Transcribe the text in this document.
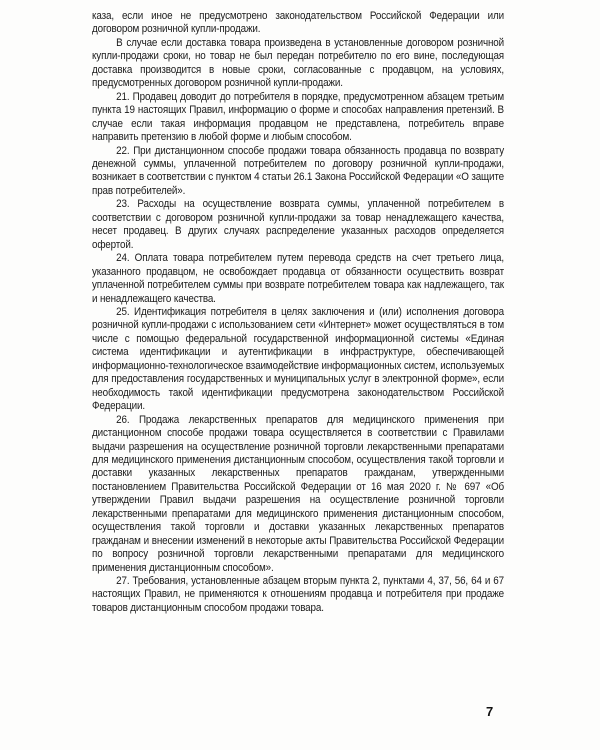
каза, если иное не предусмотрено законодательством Российской Федерации или договором розничной купли-продажи.

В случае если доставка товара произведена в установленные договором розничной купли-продажи сроки, но товар не был передан потребителю по его вине, последующая доставка производится в новые сроки, согласованные с продавцом, на условиях, предусмотренных договором розничной купли-продажи.

21. Продавец доводит до потребителя в порядке, предусмотренном абзацем третьим пункта 19 настоящих Правил, информацию о форме и способах направления претензий. В случае если такая информация продавцом не представлена, потребитель вправе направить претензию в любой форме и любым способом.

22. При дистанционном способе продажи товара обязанность продавца по возврату денежной суммы, уплаченной потребителем по договору розничной купли-продажи, возникает в соответствии с пунктом 4 статьи 26.1 Закона Российской Федерации «О защите прав потребителей».

23. Расходы на осуществление возврата суммы, уплаченной потребителем в соответствии с договором розничной купли-продажи за товар ненадлежащего качества, несет продавец. В других случаях распределение указанных расходов определяется офертой.

24. Оплата товара потребителем путем перевода средств на счет третьего лица, указанного продавцом, не освобождает продавца от обязанности осуществить возврат уплаченной потребителем суммы при возврате потребителем товара как надлежащего, так и ненадлежащего качества.

25. Идентификация потребителя в целях заключения и (или) исполнения договора розничной купли-продажи с использованием сети «Интернет» может осуществляться в том числе с помощью федеральной государственной информационной системы «Единая система идентификации и аутентификации в инфраструктуре, обеспечивающей информационно-технологическое взаимодействие информационных систем, используемых для предоставления государственных и муниципальных услуг в электронной форме», если необходимость такой идентификации предусмотрена законодательством Российской Федерации.

26. Продажа лекарственных препаратов для медицинского применения при дистанционном способе продажи товара осуществляется в соответствии с Правилами выдачи разрешения на осуществление розничной торговли лекарственными препаратами для медицинского применения дистанционным способом, осуществления такой торговли и доставки указанных лекарственных препаратов гражданам, утвержденными постановлением Правительства Российской Федерации от 16 мая 2020 г. № 697 «Об утверждении Правил выдачи разрешения на осуществление розничной торговли лекарственными препаратами для медицинского применения дистанционным способом, осуществления такой торговли и доставки указанных лекарственных препаратов гражданам и внесении изменений в некоторые акты Правительства Российской Федерации по вопросу розничной торговли лекарственными препаратами для медицинского применения дистанционным способом».

27. Требования, установленные абзацем вторым пункта 2, пунктами 4, 37, 56, 64 и 67 настоящих Правил, не применяются к отношениям продавца и потребителя при продаже товаров дистанционным способом продажи товара.

7
